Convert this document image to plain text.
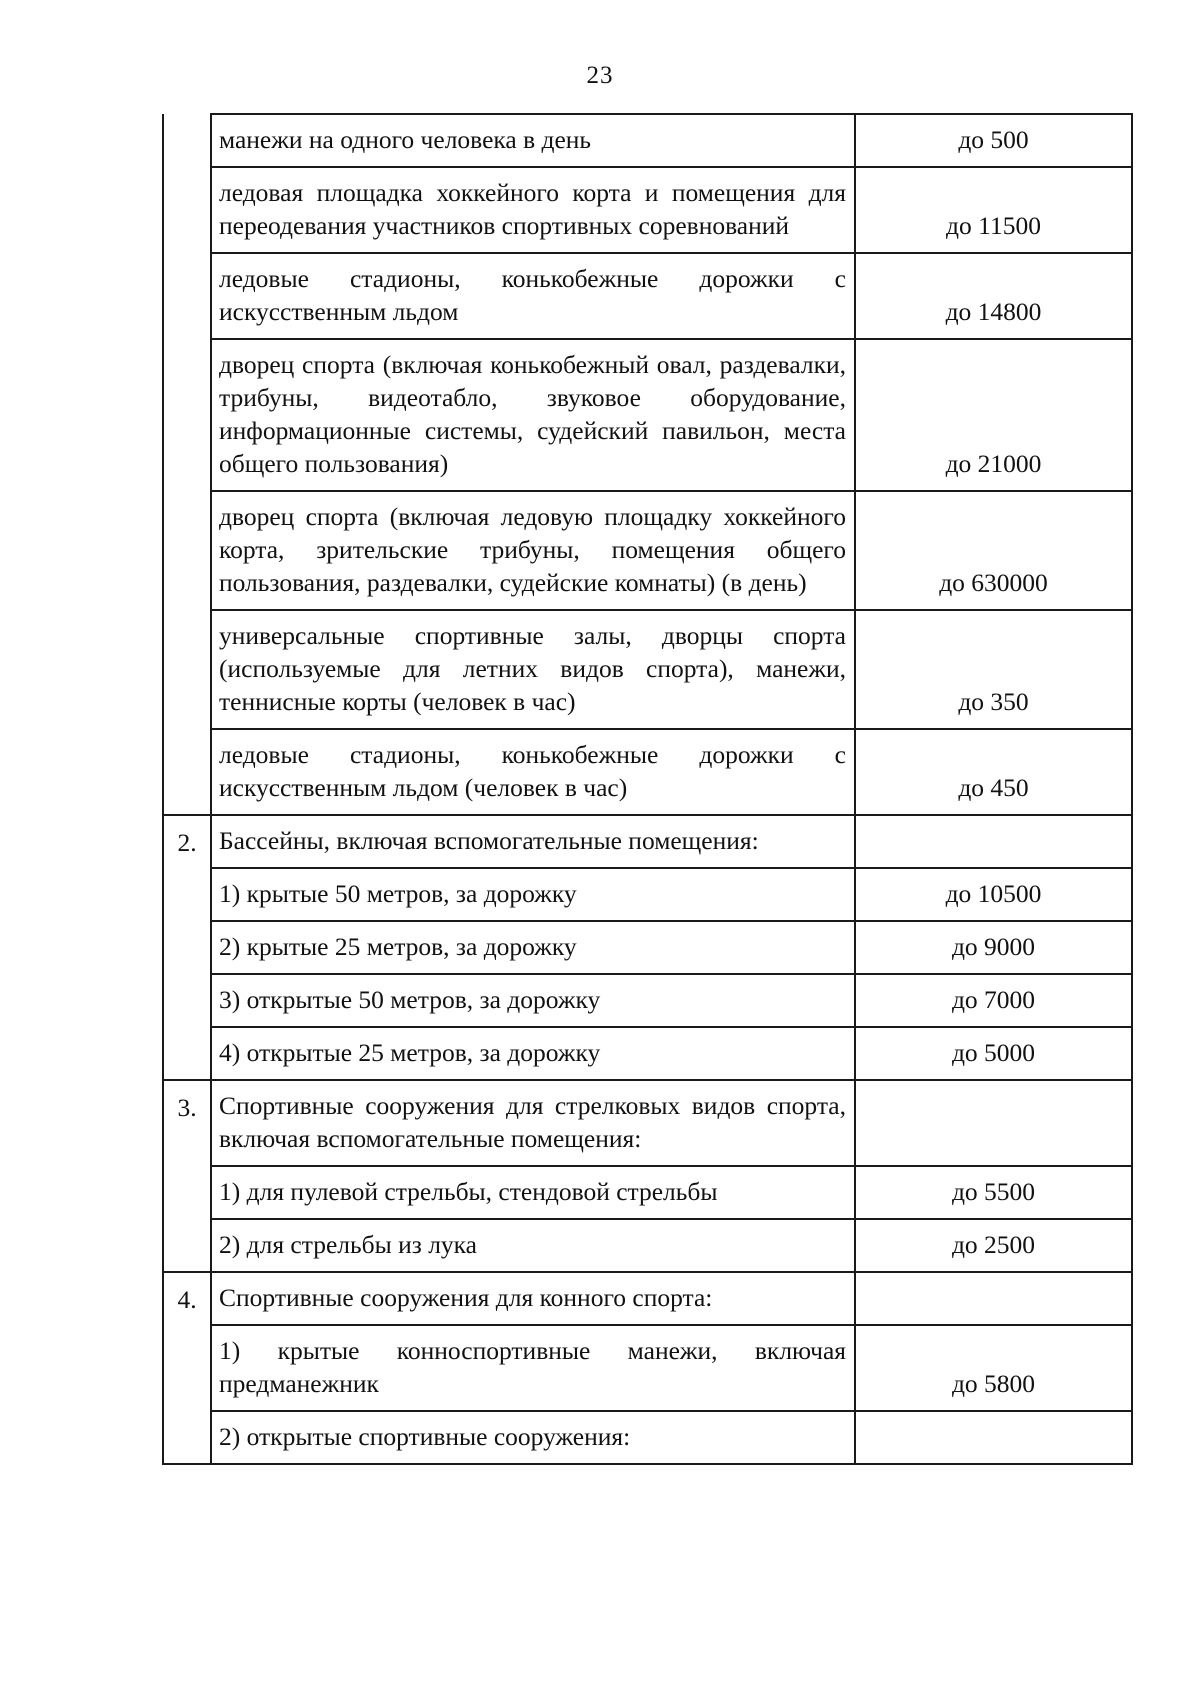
23
	манежи на одного человека в день	до 500
	ледовая площадка хоккейного корта и помещения для переодевания участников спортивных соревнований	до 11500
	ледовые стадионы, конькобежные дорожки с искусственным льдом	до 14800
	дворец спорта (включая конькобежный овал, раздевалки, трибуны, видеотабло, звуковое оборудование, информационные системы, судейский павильон, места общего пользования)	до 21000
	дворец спорта (включая ледовую площадку хоккейного корта, зрительские трибуны, помещения общего пользования, раздевалки, судейские комнаты) (в день)	до 630000
	универсальные спортивные залы, дворцы спорта (используемые для летних видов спорта), манежи, теннисные корты (человек в час)	до 350
	ледовые стадионы, конькобежные дорожки с искусственным льдом (человек в час)	до 450
2.	Бассейны, включая вспомогательные помещения:	
	1) крытые 50 метров, за дорожку	до 10500
	2) крытые 25 метров, за дорожку	до 9000
	3) открытые 50 метров, за дорожку	до 7000
	4) открытые 25 метров, за дорожку	до 5000
3.	Спортивные сооружения для стрелковых видов спорта, включая вспомогательные помещения:	
	1) для пулевой стрельбы, стендовой стрельбы	до 5500
	2) для стрельбы из лука	до 2500
4.	Спортивные сооружения для конного спорта:	
	1) крытые конноспортивные манежи, включая предманежник	до 5800
	2) открытые спортивные сооружения:	
